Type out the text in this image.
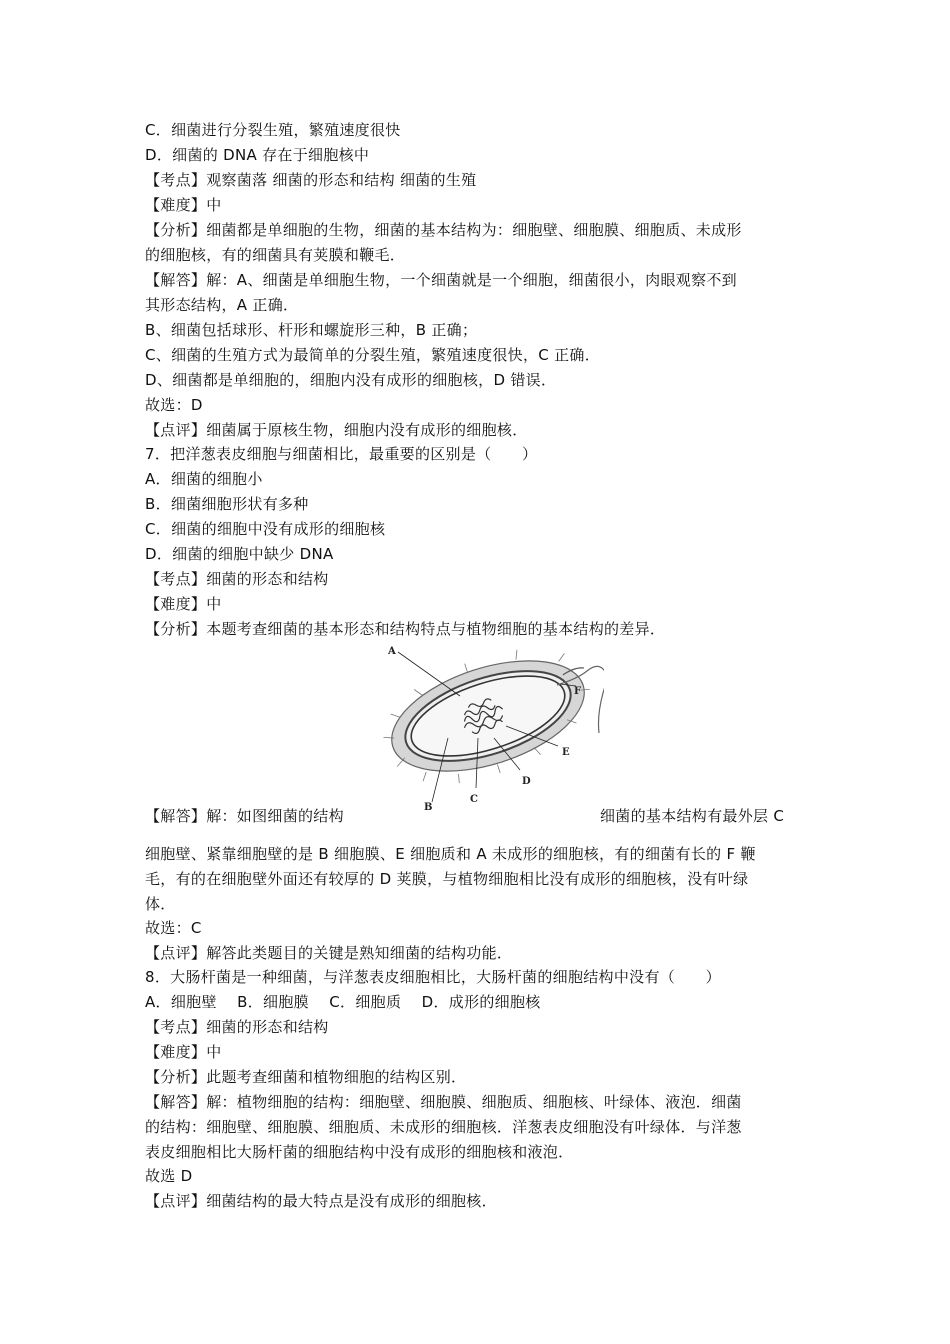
C．细菌进行分裂生殖，繁殖速度很快
D．细菌的 DNA 存在于细胞核中
【考点】观察菌落 细菌的形态和结构 细菌的生殖
【难度】中
【分析】细菌都是单细胞的生物，细菌的基本结构为：细胞壁、细胞膜、细胞质、未成形
的细胞核，有的细菌具有荚膜和鞭毛．
【解答】解：A、细菌是单细胞生物，一个细菌就是一个细胞，细菌很小，肉眼观察不到
其形态结构，A 正确．
B、细菌包括球形、杆形和螺旋形三种，B 正确；
C、细菌的生殖方式为最简单的分裂生殖，繁殖速度很快，C 正确．
D、细菌都是单细胞的，细胞内没有成形的细胞核，D 错误．
故选：D
【点评】细菌属于原核生物，细胞内没有成形的细胞核．
7．把洋葱表皮细胞与细菌相比，最重要的区别是（　　）
A．细菌的细胞小
B．细菌细胞形状有多种
C．细菌的细胞中没有成形的细胞核
D．细菌的细胞中缺少 DNA
【考点】细菌的形态和结构
【难度】中
【分析】本题考查细菌的基本形态和结构特点与植物细胞的基本结构的差异．
A
B
C
D
E
F
【解答】解：如图细菌的结构	细菌的基本结构有最外层 C
细胞壁、紧靠细胞壁的是 B 细胞膜、E 细胞质和 A 未成形的细胞核，有的细菌有长的 F 鞭
毛，有的在细胞壁外面还有较厚的 D 荚膜，与植物细胞相比没有成形的细胞核，没有叶绿
体．
故选：C
【点评】解答此类题目的关键是熟知细菌的结构功能．
8．大肠杆菌是一种细菌，与洋葱表皮细胞相比，大肠杆菌的细胞结构中没有（　　）
A．细胞壁　 B．细胞膜　 C．细胞质　 D．成形的细胞核
【考点】细菌的形态和结构
【难度】中
【分析】此题考查细菌和植物细胞的结构区别．
【解答】解：植物细胞的结构：细胞壁、细胞膜、细胞质、细胞核、叶绿体、液泡．细菌
的结构：细胞壁、细胞膜、细胞质、未成形的细胞核．洋葱表皮细胞没有叶绿体．与洋葱
表皮细胞相比大肠杆菌的细胞结构中没有成形的细胞核和液泡．
故选 D
【点评】细菌结构的最大特点是没有成形的细胞核．
